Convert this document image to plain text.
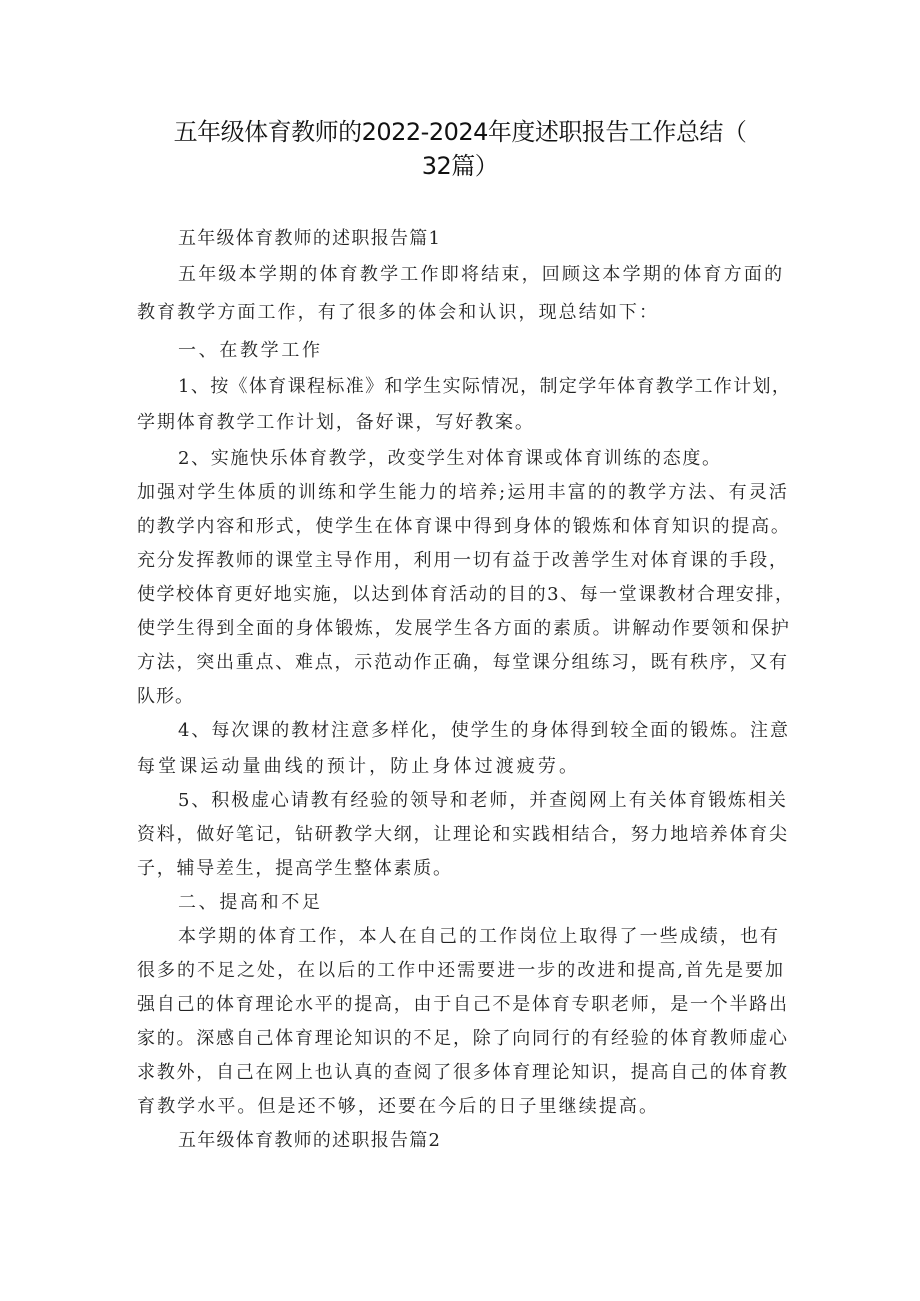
五年级体育教师的2022-2024年度述职报告工作总结（
32篇）
五年级体育教师的述职报告篇1
五年级本学期的体育教学工作即将结束，回顾这本学期的体育方面的
教育教学方面工作，有了很多的体会和认识，现总结如下：
一、在教学工作
1、按《体育课程标准》和学生实际情况，制定学年体育教学工作计划，
学期体育教学工作计划，备好课，写好教案。
2、实施快乐体育教学，改变学生对体育课或体育训练的态度。
加强对学生体质的训练和学生能力的培养;运用丰富的的教学方法、有灵活
的教学内容和形式，使学生在体育课中得到身体的锻炼和体育知识的提高。
充分发挥教师的课堂主导作用，利用一切有益于改善学生对体育课的手段，
使学校体育更好地实施，以达到体育活动的目的3、每一堂课教材合理安排，
使学生得到全面的身体锻炼，发展学生各方面的素质。讲解动作要领和保护
方法，突出重点、难点，示范动作正确，每堂课分组练习，既有秩序，又有
队形。
4、每次课的教材注意多样化，使学生的身体得到较全面的锻炼。注意
每堂课运动量曲线的预计，防止身体过渡疲劳。
5、积极虚心请教有经验的领导和老师，并查阅网上有关体育锻炼相关
资料，做好笔记，钻研教学大纲，让理论和实践相结合，努力地培养体育尖
子，辅导差生，提高学生整体素质。
二、提高和不足
本学期的体育工作，本人在自己的工作岗位上取得了一些成绩，也有
很多的不足之处，在以后的工作中还需要进一步的改进和提高,首先是要加
强自己的体育理论水平的提高，由于自己不是体育专职老师，是一个半路出
家的。深感自己体育理论知识的不足，除了向同行的有经验的体育教师虚心
求教外，自己在网上也认真的查阅了很多体育理论知识，提高自己的体育教
育教学水平。但是还不够，还要在今后的日子里继续提高。
五年级体育教师的述职报告篇2
